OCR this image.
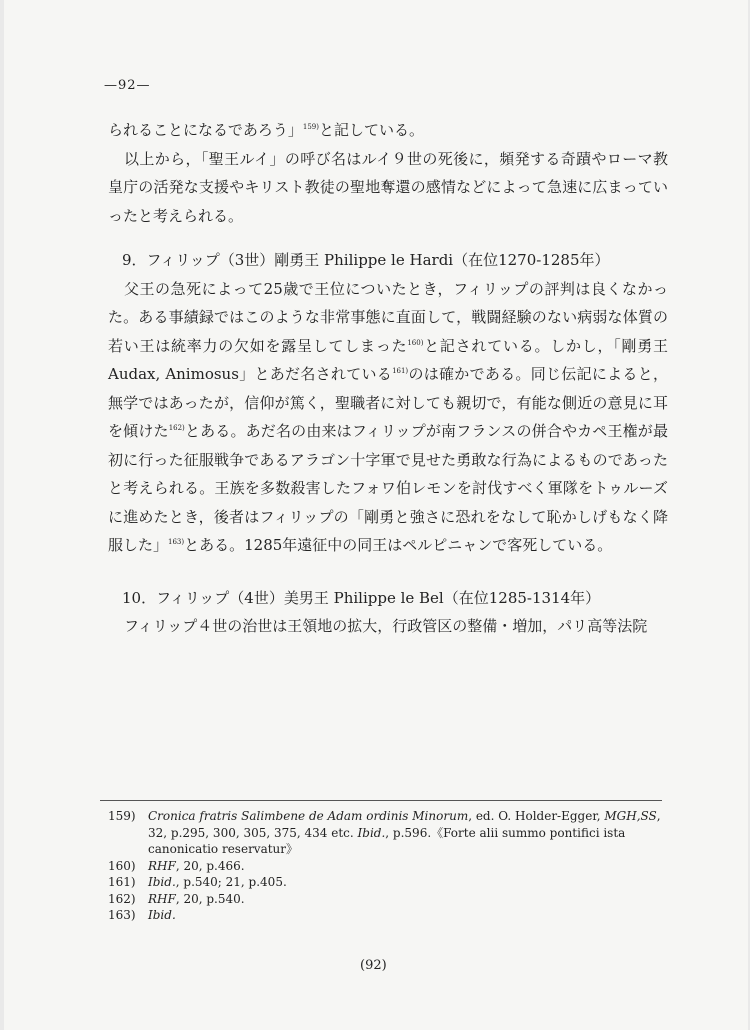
—92—

られることになるであろう」$^{159)}$と記している。

以上から，「聖王ルイ」の呼び名はルイ９世の死後に，頻発する奇蹟やローマ教皇庁の活発な支援やキリスト教徒の聖地奪還の感情などによって急速に広まっていったと考えられる。

9．フィリップ（3世）剛勇王 Philippe le Hardi（在位1270-1285年）

父王の急死によって25歳で王位についたとき，フィリップの評判は良くなかった。ある事績録ではこのような非常事態に直面して，戦闘経験のない病弱な体質の若い王は統率力の欠如を露呈してしまった$^{160)}$と記されている。しかし，「剛勇王 Audax, Animosus」とあだ名されている$^{161)}$のは確かである。同じ伝記によると，無学ではあったが，信仰が篤く，聖職者に対しても親切で，有能な側近の意見に耳を傾けた$^{162)}$とある。あだ名の由来はフィリップが南フランスの併合やカペ王権が最初に行った征服戦争であるアラゴン十字軍で見せた勇敢な行為によるものであったと考えられる。王族を多数殺害したフォワ伯レモンを討伐すべく軍隊をトゥルーズに進めたとき，後者はフィリップの「剛勇と強さに恐れをなして恥かしげもなく降服した」$^{163)}$とある。1285年遠征中の同王はペルピニャンで客死している。

10．フィリップ（4世）美男王 Philippe le Bel（在位1285-1314年）

フィリップ４世の治世は王領地の拡大，行政管区の整備・増加，パリ高等法院

159)	Cronica fratris Salimbene de Adam ordinis Minorum, ed. O. Holder-Egger, MGH,SS, 32, p.295, 300, 305, 375, 434 etc. Ibid., p.596.《Forte alii summo pontifici ista canonicatio reservatur》
160)	RHF, 20, p.466.
161)	Ibid., p.540; 21, p.405.
162)	RHF, 20, p.540.
163)	Ibid.
(92)
